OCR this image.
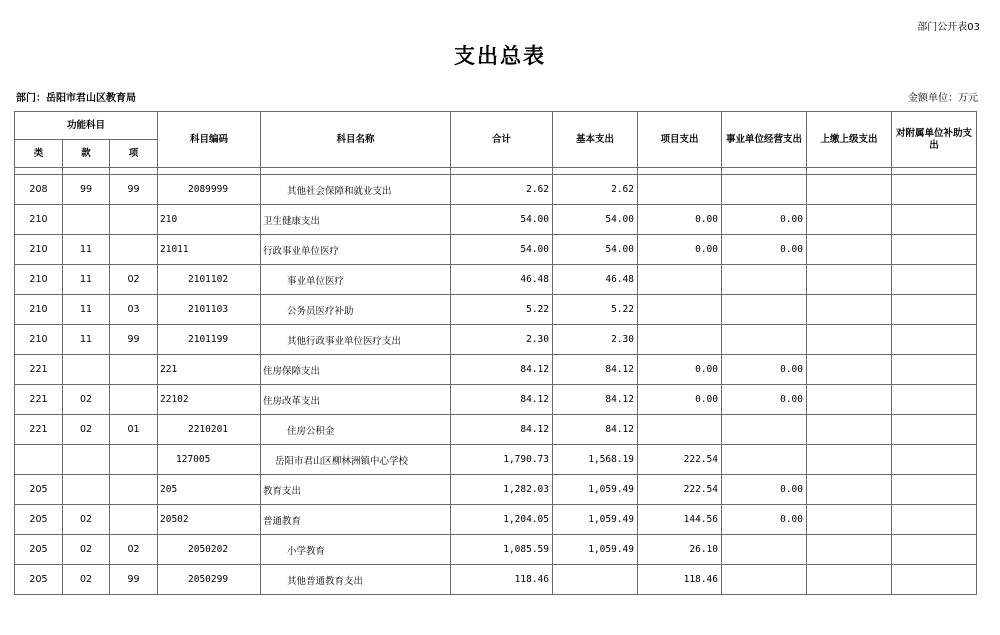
部门公开表03
支出总表
部门：岳阳市君山区教育局	金额单位：万元
功能科目			科目编码	科目名称	合计	基本支出	项目支出	事业单位经营支出	上缴上级支出	对附属单位补助支出
类	款	项								

208	99	99	2089999	其他社会保障和就业支出	2.62	2.62				
210			210	卫生健康支出	54.00	54.00	0.00	0.00		
210	11		21011	行政事业单位医疗	54.00	54.00	0.00	0.00		
210	11	02	2101102	事业单位医疗	46.48	46.48				
210	11	03	2101103	公务员医疗补助	5.22	5.22				
210	11	99	2101199	其他行政事业单位医疗支出	2.30	2.30				
221			221	住房保障支出	84.12	84.12	0.00	0.00		
221	02		22102	住房改革支出	84.12	84.12	0.00	0.00		
221	02	01	2210201	住房公积金	84.12	84.12				
			127005	岳阳市君山区柳林洲镇中心学校	1,790.73	1,568.19	222.54			
205			205	教育支出	1,282.03	1,059.49	222.54	0.00		
205	02		20502	普通教育	1,204.05	1,059.49	144.56	0.00		
205	02	02	2050202	小学教育	1,085.59	1,059.49	26.10			
205	02	99	2050299	其他普通教育支出	118.46		118.46			
